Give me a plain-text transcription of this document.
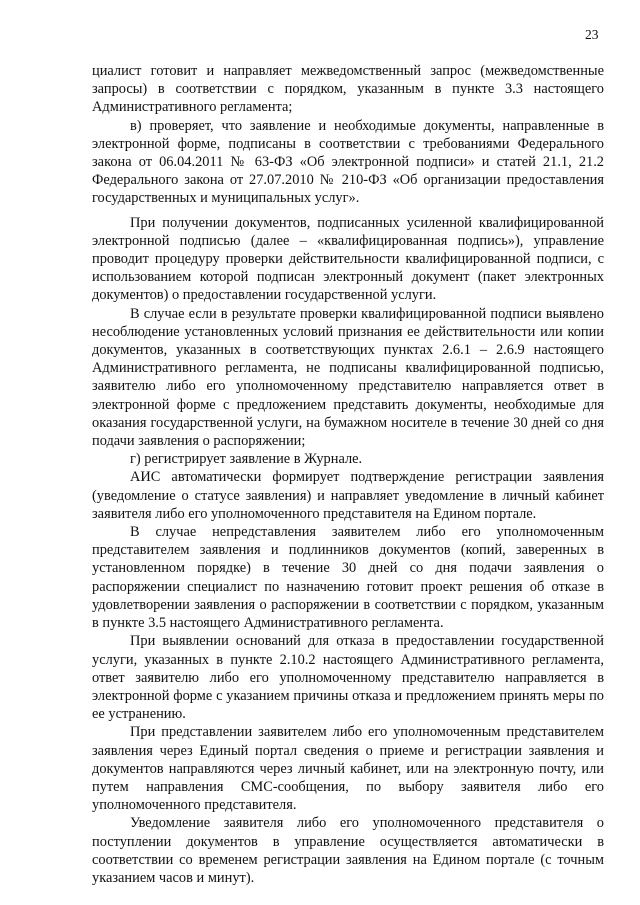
23

циалист готовит и направляет межведомственный запрос (межведомственные запросы) в соответствии с порядком, указанным в пункте 3.3 настоящего Административного регламента;

в) проверяет, что заявление и необходимые документы, направленные в электронной форме, подписаны в соответствии с требованиями Федерального закона от 06.04.2011 № 63-ФЗ «Об электронной подписи» и статей 21.1, 21.2 Федерального закона от 27.07.2010 № 210-ФЗ «Об организации предоставления государственных и муниципальных услуг».

При получении документов, подписанных усиленной квалифицированной электронной подписью (далее – «квалифицированная подпись»), управление проводит процедуру проверки действительности квалифицированной подписи, с использованием которой подписан электронный документ (пакет электронных документов) о предоставлении государственной услуги.

В случае если в результате проверки квалифицированной подписи выявлено несоблюдение установленных условий признания ее действительности или копии документов, указанных в соответствующих пунктах 2.6.1 – 2.6.9 настоящего Административного регламента, не подписаны квалифицированной подписью, заявителю либо его уполномоченному представителю направляется ответ в электронной форме с предложением представить документы, необходимые для оказания государственной услуги, на бумажном носителе в течение 30 дней со дня подачи заявления о распоряжении;

г) регистрирует заявление в Журнале.

АИС автоматически формирует подтверждение регистрации заявления (уведомление о статусе заявления) и направляет уведомление в личный кабинет заявителя либо его уполномоченного представителя на Едином портале.

В случае непредставления заявителем либо его уполномоченным представителем заявления и подлинников документов (копий, заверенных в установленном порядке) в течение 30 дней со дня подачи заявления о распоряжении специалист по назначению готовит проект решения об отказе в удовлетворении заявления о распоряжении в соответствии с порядком, указанным в пункте 3.5 настоящего Административного регламента.

При выявлении оснований для отказа в предоставлении государственной услуги, указанных в пункте 2.10.2 настоящего Административного регламента, ответ заявителю либо его уполномоченному представителю направляется в электронной форме с указанием причины отказа и предложением принять меры по ее устранению.

При представлении заявителем либо его уполномоченным представителем заявления через Единый портал сведения о приеме и регистрации заявления и документов направляются через личный кабинет, или на электронную почту, или путем направления СМС-сообщения, по выбору заявителя либо его уполномоченного представителя.

Уведомление заявителя либо его уполномоченного представителя о поступлении документов в управление осуществляется автоматически в соответствии со временем регистрации заявления на Едином портале (с точным указанием часов и минут).
